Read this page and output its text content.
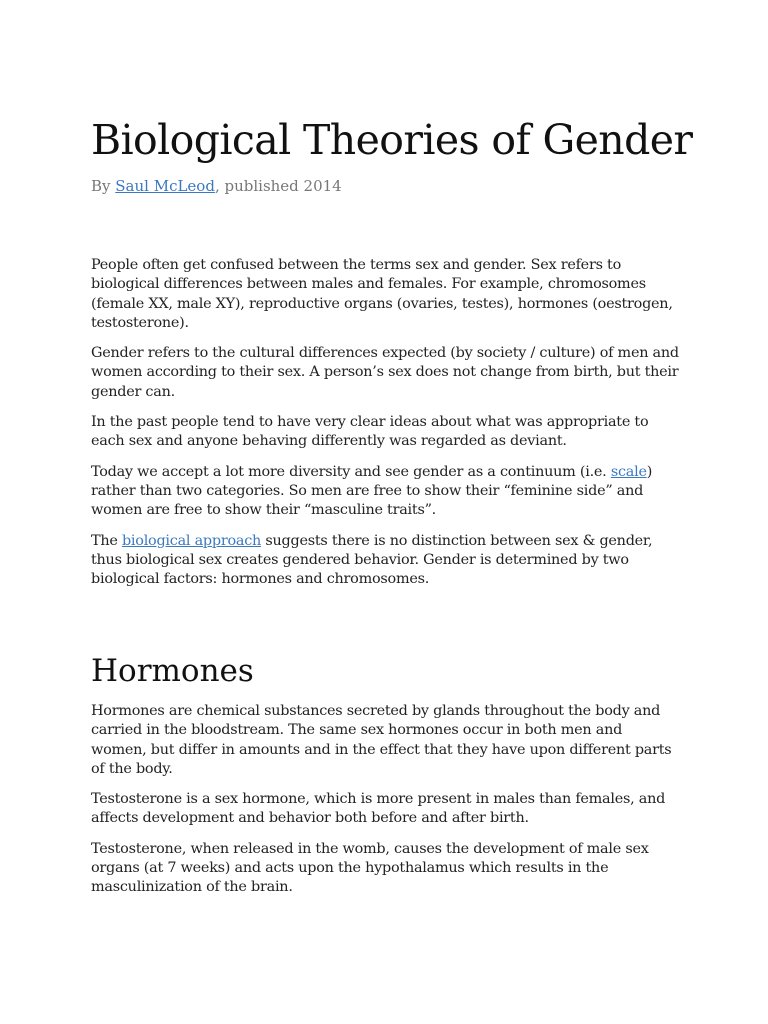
Biological Theories of Gender
By Saul McLeod, published 2014

People often get confused between the terms sex and gender. Sex refers to biological differences between males and females. For example, chromosomes (female XX, male XY), reproductive organs (ovaries, testes), hormones (oestrogen, testosterone).

Gender refers to the cultural differences expected (by society / culture) of men and women according to their sex. A person’s sex does not change from birth, but their gender can.

In the past people tend to have very clear ideas about what was appropriate to each sex and anyone behaving differently was regarded as deviant.

Today we accept a lot more diversity and see gender as a continuum (i.e. scale) rather than two categories. So men are free to show their “feminine side” and women are free to show their “masculine traits”.

The biological approach suggests there is no distinction between sex & gender, thus biological sex creates gendered behavior. Gender is determined by two biological factors: hormones and chromosomes.

Hormones

Hormones are chemical substances secreted by glands throughout the body and carried in the bloodstream. The same sex hormones occur in both men and women, but differ in amounts and in the effect that they have upon different parts of the body.

Testosterone is a sex hormone, which is more present in males than females, and affects development and behavior both before and after birth.

Testosterone, when released in the womb, causes the development of male sex organs (at 7 weeks) and acts upon the hypothalamus which results in the masculinization of the brain.
